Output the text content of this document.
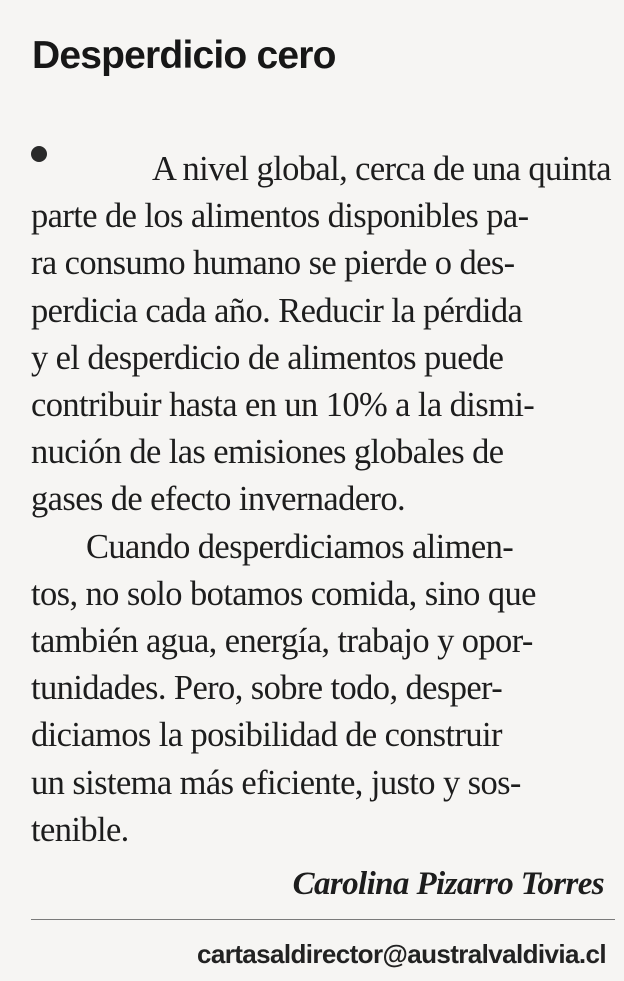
Desperdicio cero
A nivel global, cerca de una quinta
parte de los alimentos disponibles pa-
ra consumo humano se pierde o des-
perdicia cada año. Reducir la pérdida
y el desperdicio de alimentos puede
contribuir hasta en un 10% a la dismi-
nución de las emisiones globales de
gases de efecto invernadero.
Cuando desperdiciamos alimen-
tos, no solo botamos comida, sino que
también agua, energía, trabajo y opor-
tunidades. Pero, sobre todo, desper-
diciamos la posibilidad de construir
un sistema más eficiente, justo y sos-
tenible.
Carolina Pizarro Torres
cartasaldirector@australvaldivia.cl
